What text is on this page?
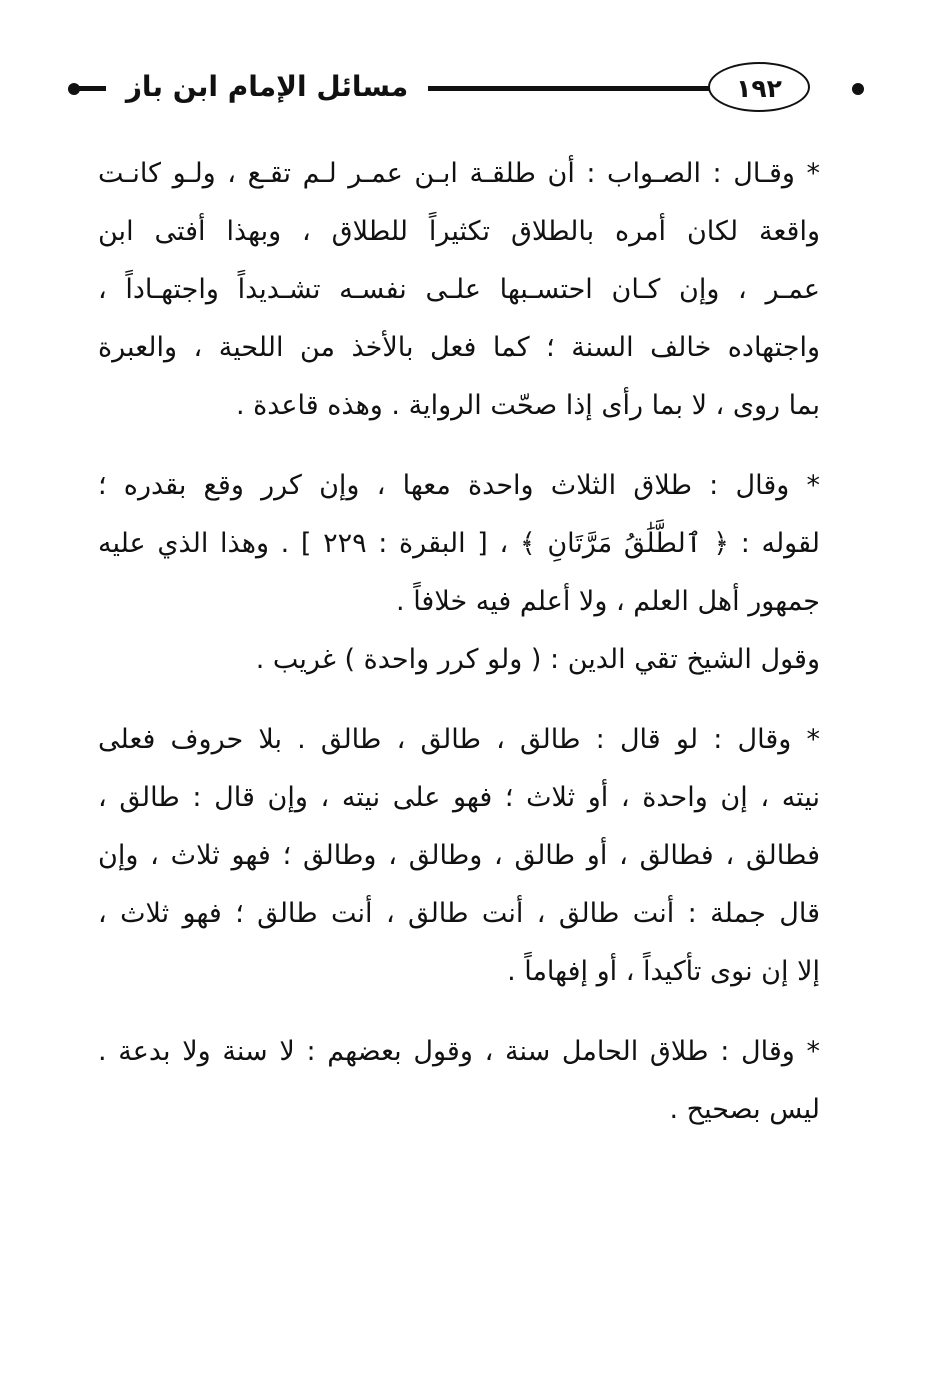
مسائل الإمام ابن باز	١٩٢
* وقـال : الصـواب : أن طلقـة ابـن عمـر لـم تقـع ، ولـو كانـت
واقعة لكان أمره بالطلاق تكثيراً للطلاق ، وبهذا أفتى ابن
عمـر ، وإن كـان احتسـبها علـى نفسـه تشـديداً واجتهـاداً ،
واجتهاده خالف السنة ؛ كما فعل بالأخذ من اللحية ، والعبرة
بما روى ، لا بما رأى إذا صحّت الرواية . وهذه قاعدة .
* وقال : طلاق الثلاث واحدة معها ، وإن كرر وقع بقدره ؛
لقوله : ﴿ ٱلطَّلَٰقُ مَرَّتَانِ ﴾ ، [ البقرة : ٢٢٩ ] . وهذا الذي عليه
جمهور أهل العلم ، ولا أعلم فيه خلافاً .
وقول الشيخ تقي الدين : ( ولو كرر واحدة ) غريب .
* وقال : لو قال : طالق ، طالق ، طالق . بلا حروف فعلى
نيته ، إن واحدة ، أو ثلاث ؛ فهو على نيته ، وإن قال : طالق ،
فطالق ، فطالق ، أو طالق ، وطالق ، وطالق ؛ فهو ثلاث ، وإن
قال جملة : أنت طالق ، أنت طالق ، أنت طالق ؛ فهو ثلاث ،
إلا إن نوى تأكيداً ، أو إفهاماً .
* وقال : طلاق الحامل سنة ، وقول بعضهم : لا سنة ولا بدعة .
ليس بصحيح .
